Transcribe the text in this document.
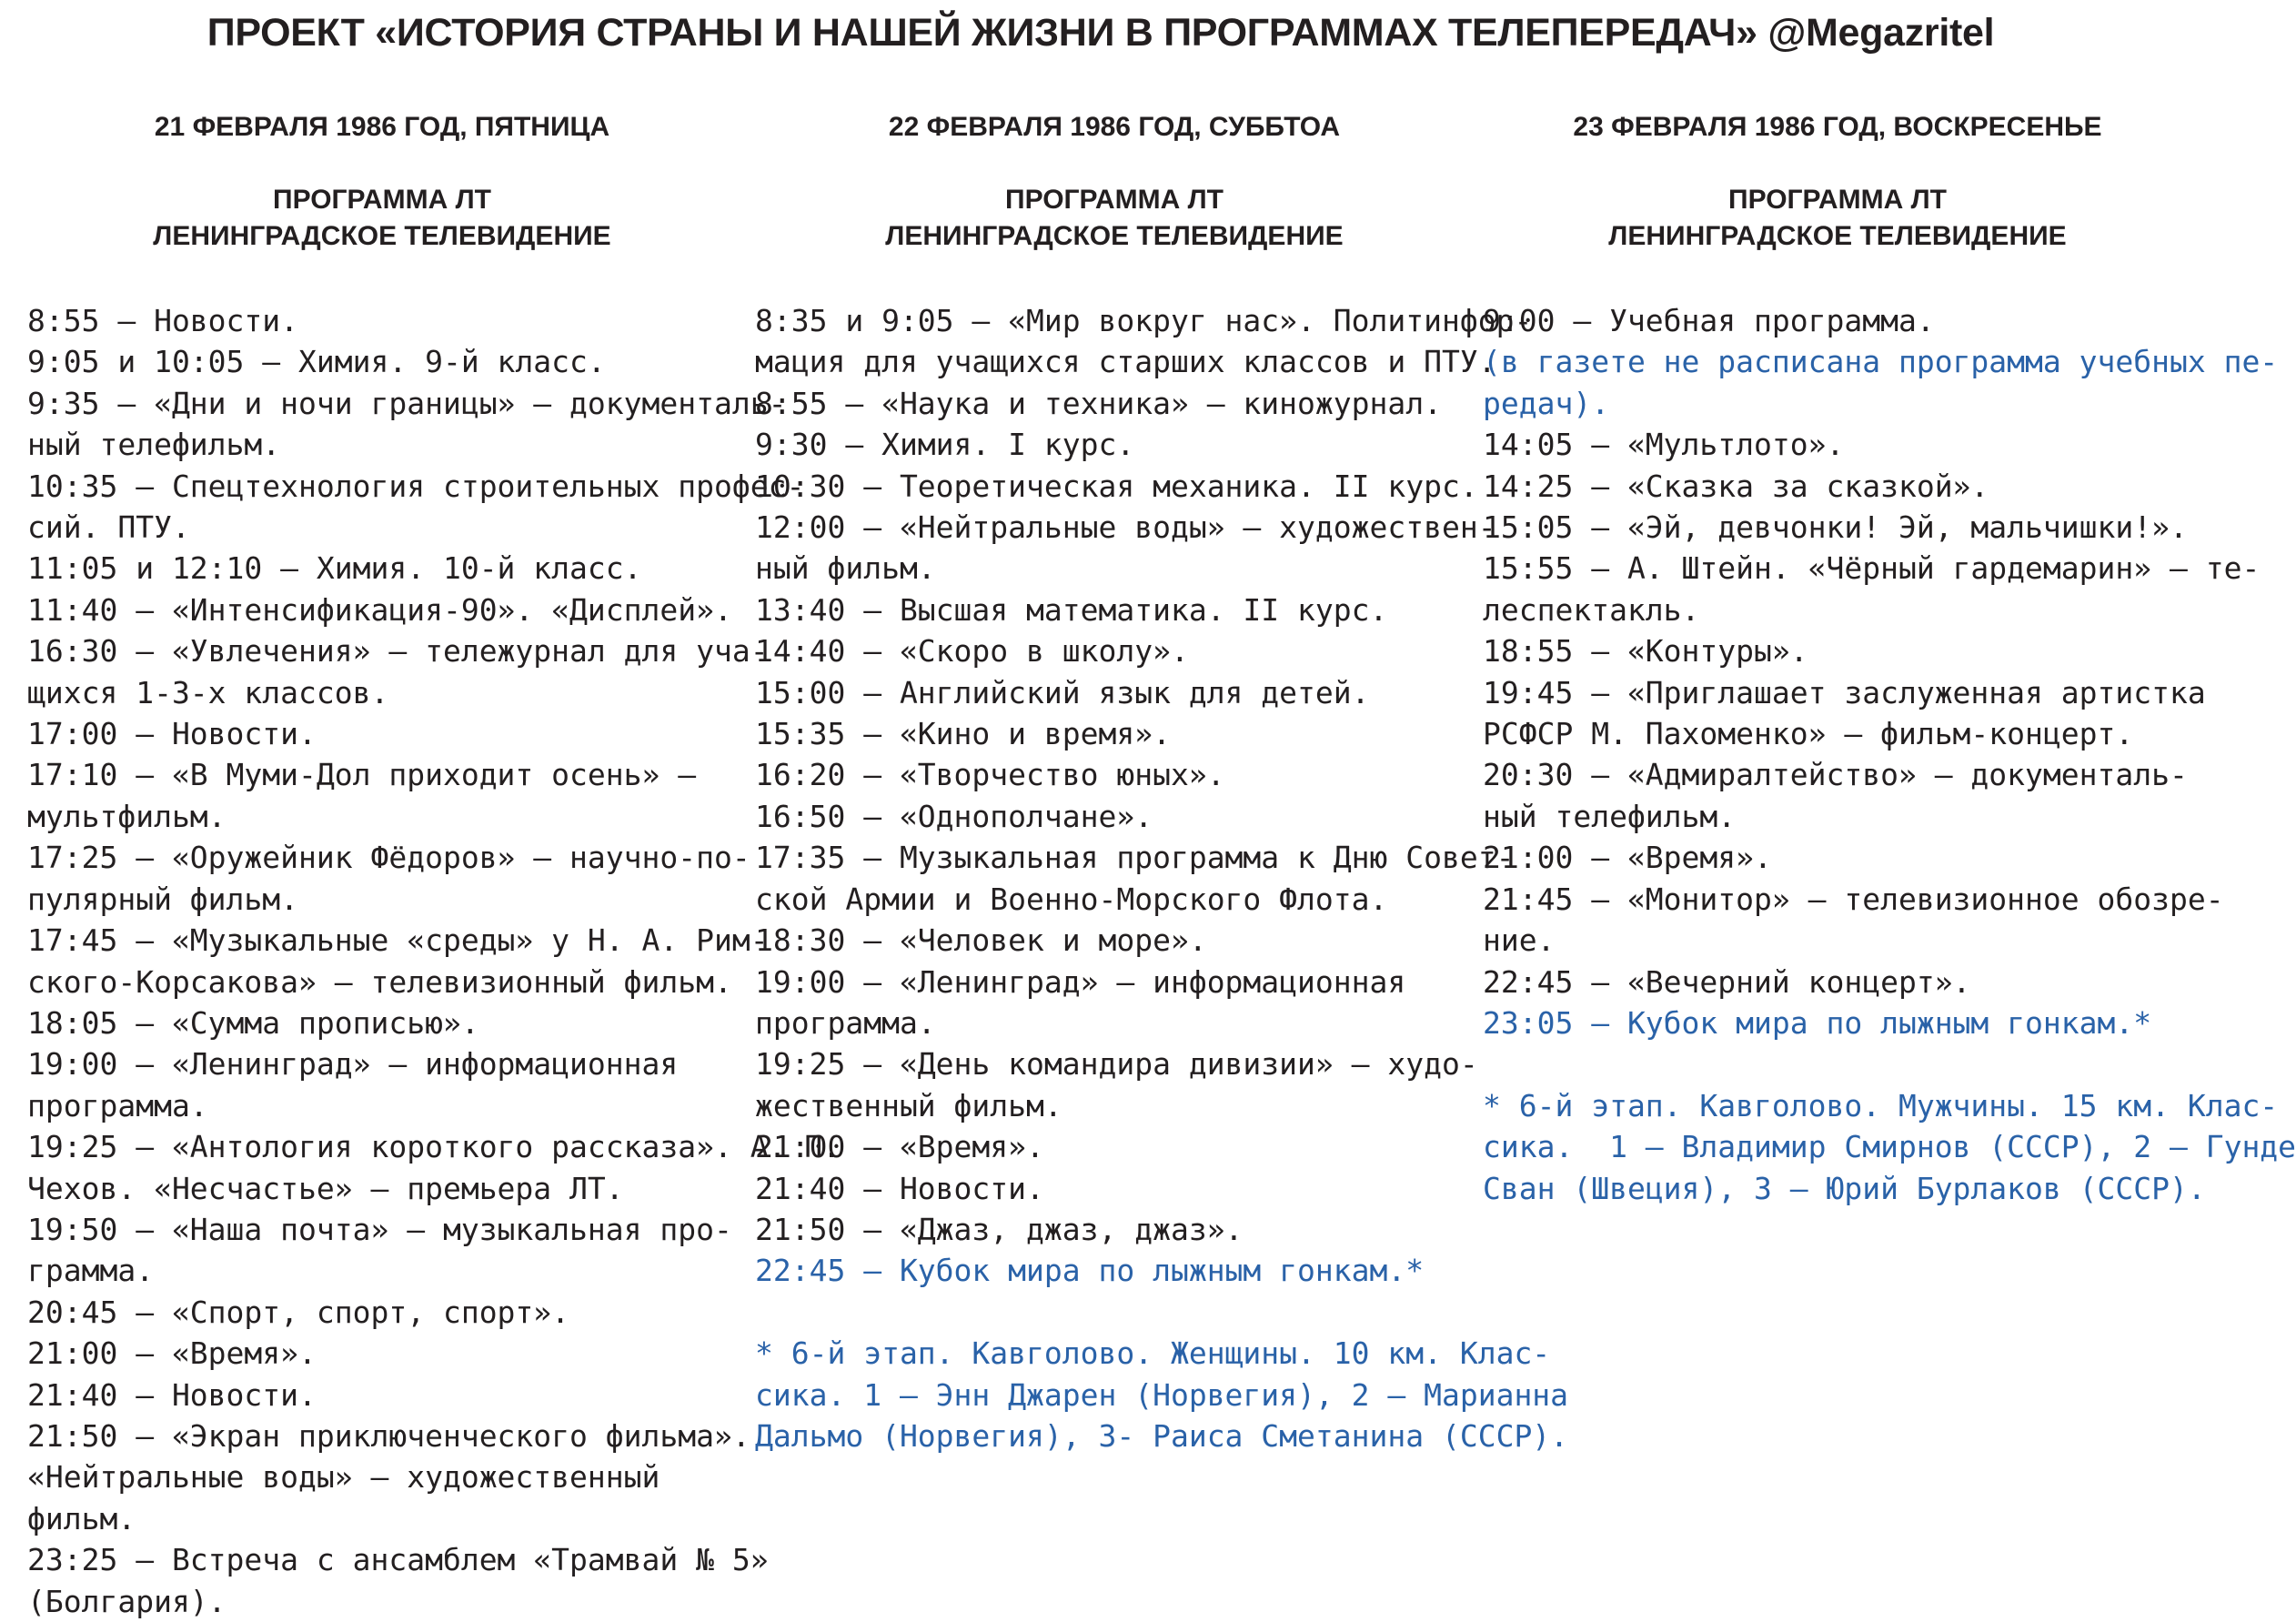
ПРОЕКТ «ИСТОРИЯ СТРАНЫ И НАШЕЙ ЖИЗНИ В ПРОГРАММАХ ТЕЛЕПЕРЕДАЧ» @Megazritel
21 ФЕВРАЛЯ 1986 ГОД, ПЯТНИЦА
ПРОГРАММА ЛТ
ЛЕНИНГРАДСКОЕ ТЕЛЕВИДЕНИЕ
8:55 — Новости.
9:05 и 10:05 — Химия. 9-й класс.
9:35 — «Дни и ночи границы» — документаль-
ный телефильм.
10:35 — Спецтехнология строительных профес-
сий. ПТУ.
11:05 и 12:10 — Химия. 10-й класс.
11:40 — «Интенсификация-90». «Дисплей».
16:30 — «Увлечения» — тележурнал для уча-
щихся 1-3-х классов.
17:00 — Новости.
17:10 — «В Муми-Дол приходит осень» —
мультфильм.
17:25 — «Оружейник Фёдоров» — научно-по-
пулярный фильм.
17:45 — «Музыкальные «среды» у Н. А. Рим-
ского-Корсакова» — телевизионный фильм.
18:05 — «Сумма прописью».
19:00 — «Ленинград» — информационная
программа.
19:25 — «Антология короткого рассказа». А. П.
Чехов. «Несчастье» — премьера ЛТ.
19:50 — «Наша почта» — музыкальная про-
грамма.
20:45 — «Спорт, спорт, спорт».
21:00 — «Время».
21:40 — Новости.
21:50 — «Экран приключенческого фильма».
«Нейтральные воды» — художественный
фильм.
23:25 — Встреча с ансамблем «Трамвай № 5»
(Болгария).
22 ФЕВРАЛЯ 1986 ГОД, СУББТОА
ПРОГРАММА ЛТ
ЛЕНИНГРАДСКОЕ ТЕЛЕВИДЕНИЕ
8:35 и 9:05 — «Мир вокруг нас». Политинфор-
мация для учащихся старших классов и ПТУ.
8:55 — «Наука и техника» — киножурнал.
9:30 — Химия. I курс.
10:30 — Теоретическая механика. II курс.
12:00 — «Нейтральные воды» — художествен-
ный фильм.
13:40 — Высшая математика. II курс.
14:40 — «Скоро в школу».
15:00 — Английский язык для детей.
15:35 — «Кино и время».
16:20 — «Творчество юных».
16:50 — «Однополчане».
17:35 — Музыкальная программа к Дню Совет-
ской Армии и Военно-Морского Флота.
18:30 — «Человек и море».
19:00 — «Ленинград» — информационная
программа.
19:25 — «День командира дивизии» — худо-
жественный фильм.
21:00 — «Время».
21:40 — Новости.
21:50 — «Джаз, джаз, джаз».
22:45 — Кубок мира по лыжным гонкам.*
* 6-й этап. Кавголово. Женщины. 10 км. Клас-
сика. 1 – Энн Джарен (Норвегия), 2 – Марианна
Дальмо (Норвегия), 3- Раиса Сметанина (СССР).
23 ФЕВРАЛЯ 1986 ГОД, ВОСКРЕСЕНЬЕ
ПРОГРАММА ЛТ
ЛЕНИНГРАДСКОЕ ТЕЛЕВИДЕНИЕ
9:00 — Учебная программа.
(в газете не расписана программа учебных пе-
редач).
14:05 — «Мультлото».
14:25 — «Сказка за сказкой».
15:05 — «Эй, девчонки! Эй, мальчишки!».
15:55 — А. Штейн. «Чёрный гардемарин» — те-
леспектакль.
18:55 — «Контуры».
19:45 — «Приглашает заслуженная артистка
РСФСР М. Пахоменко» — фильм-концерт.
20:30 — «Адмиралтейство» — документаль-
ный телефильм.
21:00 — «Время».
21:45 — «Монитор» — телевизионное обозре-
ние.
22:45 — «Вечерний концерт».
23:05 — Кубок мира по лыжным гонкам.*
* 6-й этап. Кавголово. Мужчины. 15 км. Клас-
сика.  1 – Владимир Смирнов (СССР), 2 – Гунде
Сван (Швеция), 3 – Юрий Бурлаков (СССР).
